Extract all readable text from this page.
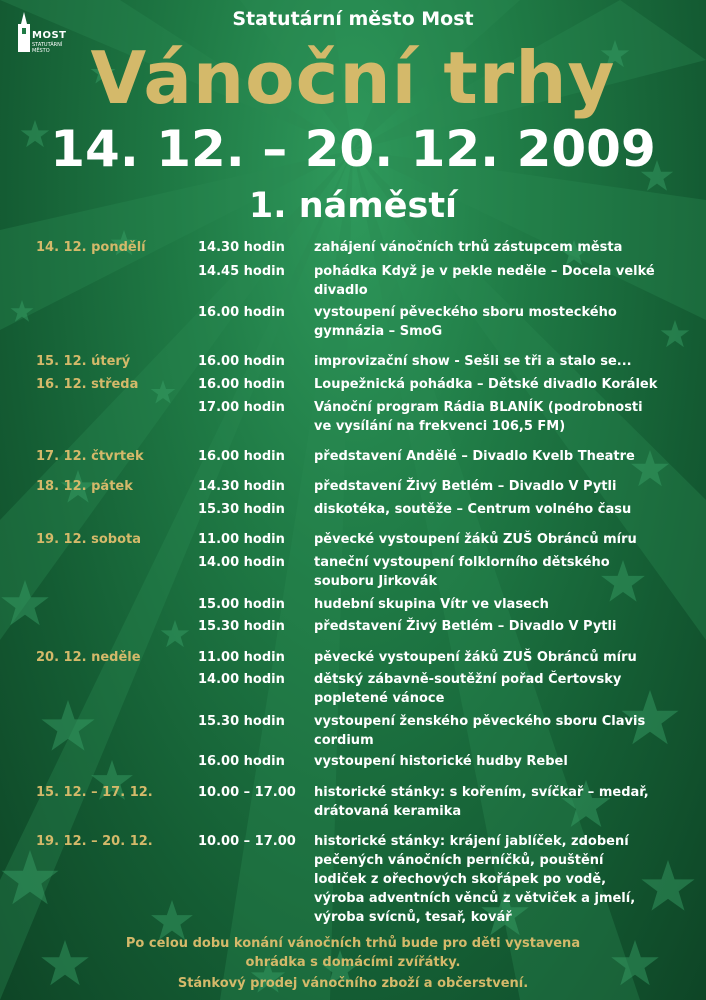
MOST
STATUTÁRNÍ MĚSTO
Statutární město Most
Vánoční trhy
14. 12. – 20. 12. 2009
1. náměstí
14. 12. pondělí	14.30 hodin zahájení vánočních trhů zástupcem města
14.45 hodin pohádka Když je v pekle neděle – Docela velké divadlo
16.00 hodin vystoupení pěveckého sboru mosteckého gymnázia – SmoG
15. 12. úterý	16.00 hodin improvizační show - Sešli se tři a stalo se...
16. 12. středa	16.00 hodin Loupežnická pohádka – Dětské divadlo Korálek
17.00 hodin Vánoční program Rádia BLANÍK (podrobnosti ve vysílání na frekvenci 106,5 FM)
17. 12. čtvrtek	16.00 hodin představení Andělé – Divadlo Kvelb Theatre
18. 12. pátek	14.30 hodin představení Živý Betlém – Divadlo V Pytli
15.30 hodin diskotéka, soutěže – Centrum volného času
19. 12. sobota	11.00 hodin pěvecké vystoupení žáků ZUŠ Obránců míru
14.00 hodin taneční vystoupení folklorního dětského souboru Jirkovák
15.00 hodin hudební skupina Vítr ve vlasech
15.30 hodin představení Živý Betlém – Divadlo V Pytli
20. 12. neděle	11.00 hodin pěvecké vystoupení žáků ZUŠ Obránců míru
14.00 hodin dětský zábavně-soutěžní pořad Čertovsky popletené vánoce
15.30 hodin vystoupení ženského pěveckého sboru Clavis cordium
16.00 hodin vystoupení historické hudby Rebel
15. 12. – 17. 12.	10.00 – 17.00 historické stánky: s kořením, svíčkař – medař, drátovaná keramika
19. 12. – 20. 12.	10.00 – 17.00 historické stánky: krájení jablíček, zdobení pečených vánočních perníčků, pouštění lodiček z ořechových skořápek po vodě, výroba adventních věnců z větviček a jmelí, výroba svícnů, tesař, kovář
Po celou dobu konání vánočních trhů bude pro děti vystavena
ohrádka s domácími zvířátky.
Stánkový prodej vánočního zboží a občerstvení.
